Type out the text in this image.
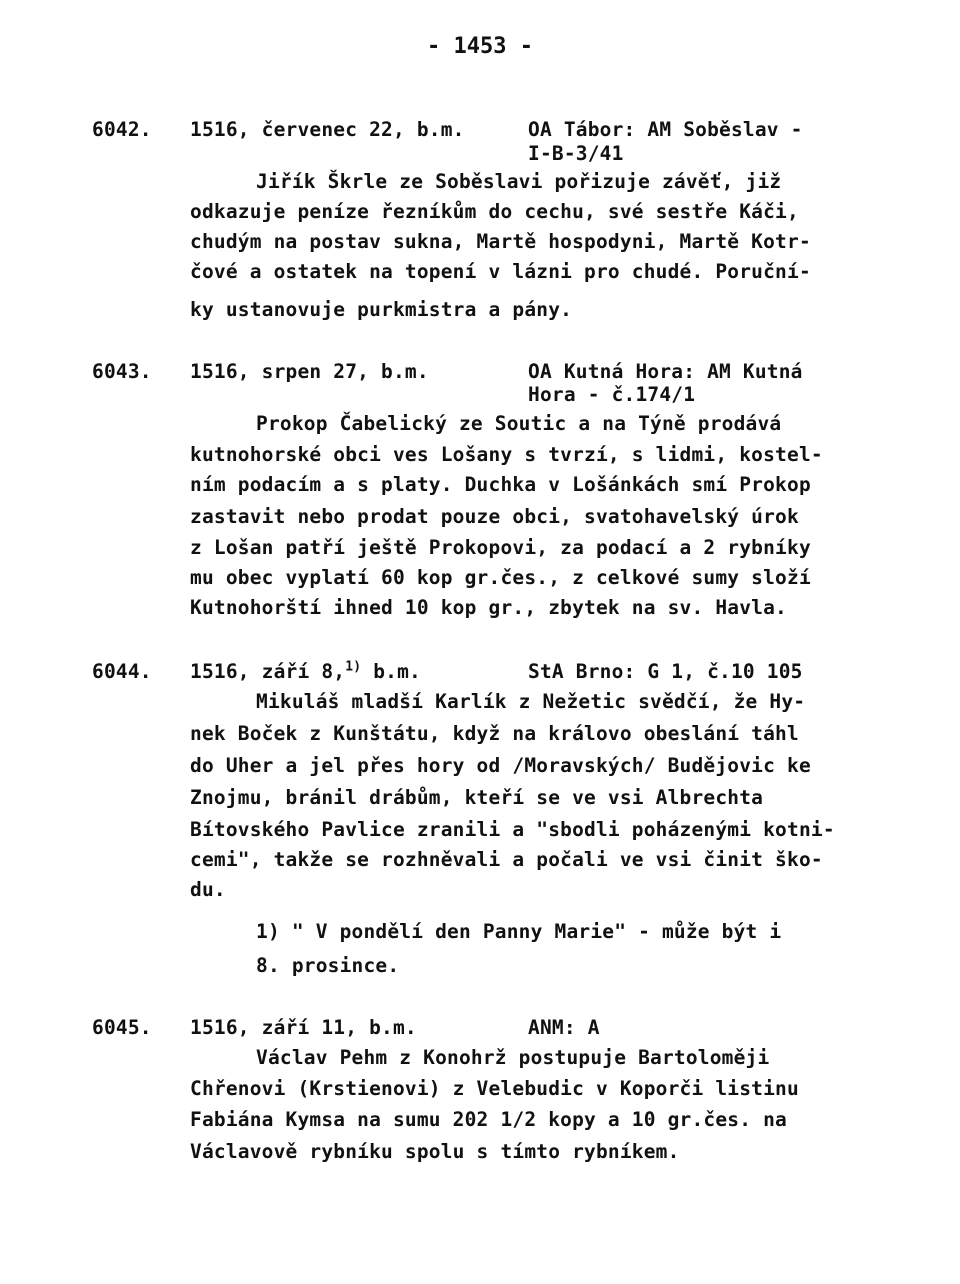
- 1453 -
6042. 1516, červenec 22, b.m.	OA Tábor: AM Soběslav -
I-B-3/41
Jiřík Škrle ze Soběslavi pořizuje závěť, již
odkazuje peníze řezníkům do cechu, své sestře Káči,
chudým na postav sukna, Martě hospodyni, Martě Kotr-
čové a ostatek na topení v lázni pro chudé. Poruční-
ky ustanovuje purkmistra a pány.
6043. 1516, srpen 27, b.m.	OA Kutná Hora: AM Kutná
Hora - č.174/1
Prokop Čabelický ze Soutic a na Týně prodává
kutnohorské obci ves Lošany s tvrzí, s lidmi, kostel-
ním podacím a s platy. Duchka v Lošánkách smí Prokop
zastavit nebo prodat pouze obci, svatohavelský úrok
z Lošan patří ještě Prokopovi, za podací a 2 rybníky
mu obec vyplatí 60 kop gr.čes., z celkové sumy složí
Kutnohorští ihned 10 kop gr., zbytek na sv. Havla.
6044. 1516, září 8,$^{1)}$ b.m.	StA Brno: G 1, č.10 105
Mikuláš mladší Karlík z Nežetic svědčí, že Hy-
nek Boček z Kunštátu, když na královo obeslání táhl
do Uher a jel přes hory od /Moravských/ Budějovic ke
Znojmu, bránil drábům, kteří se ve vsi Albrechta
Bítovského Pavlice zranili a "sbodli poházenými kotni-
cemi", takže se rozhněvali a počali ve vsi činit ško-
du.
1) " V pondělí den Panny Marie" - může být i
8. prosince.
6045. 1516, září 11, b.m.	ANM: A
Václav Pehm z Konohrž postupuje Bartoloměji
Chřenovi (Krstienovi) z Velebudic v Koporči listinu
Fabiána Kymsa na sumu 202 1/2 kopy a 10 gr.čes. na
Václavově rybníku spolu s tímto rybníkem.
